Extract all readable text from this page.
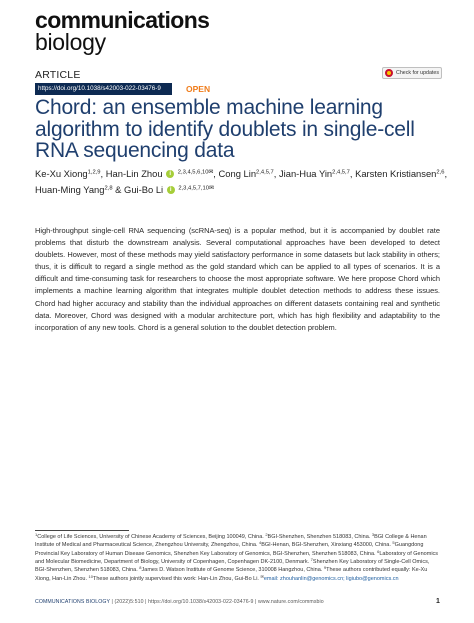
communications
biology
ARTICLE	Check for updates
https://doi.org/10.1038/s42003-022-03476-9	OPEN
Chord: an ensemble machine learning algorithm to identify doublets in single-cell RNA sequencing data
Ke-Xu Xiong$^{1,2,9}$, Han-Lin Zhou i	$^{2,3,4,5,6,10✉}$, Cong Lin$^{2,4,5,7}$, Jian-Hua Yin$^{2,4,5,7}$, Karsten Kristiansen$^{2,6}$,
Huan-Ming Yang$^{2,8}$ & Gui-Bo Li i	$^{2,3,4,5,7,10✉}$

High-throughput single-cell RNA sequencing (scRNA-seq) is a popular method, but it is accompanied by doublet rate problems that disturb the downstream analysis. Several computational approaches have been developed to detect doublets. However, most of these methods may yield satisfactory performance in some datasets but lack stability in others; thus, it is difficult to regard a single method as the gold standard which can be applied to all types of scenarios. It is a difficult and time-consuming task for researchers to choose the most appropriate software. We here propose Chord which implements a machine learning algorithm that integrates multiple doublet detection methods to address these issues. Chord had higher accuracy and stability than the individual approaches on different datasets containing real and synthetic data. Moreover, Chord was designed with a modular architecture port, which has high flexibility and adaptability to the incorporation of any new tools. Chord is a general solution to the doublet detection problem.

$^1$College of Life Sciences, University of Chinese Academy of Sciences, Beijing 100049, China. $^2$BGI-Shenzhen, Shenzhen 518083, China. $^3$BGI College & Henan Institute of Medical and Pharmaceutical Science, Zhengzhou University, Zhengzhou, China. $^4$BGI-Henan, BGI-Shenzhen, Xinxiang 453000, China. $^5$Guangdong Provincial Key Laboratory of Human Disease Genomics, Shenzhen Key Laboratory of Genomics, BGI-Shenzhen, Shenzhen 518083, China. $^6$Laboratory of Genomics and Molecular Biomedicine, Department of Biology, University of Copenhagen, Copenhagen DK-2100, Denmark. $^7$Shenzhen Key Laboratory of Single-Cell Omics, BGI-Shenzhen, Shenzhen 518083, China. $^8$James D. Watson Institute of Genome Science, 310008 Hangzhou, China. $^9$These authors contributed equally: Ke-Xu Xiong, Han-Lin Zhou. $^{10}$These authors jointly supervised this work: Han-Lin Zhou, Gui-Bo Li. ✉email: zhouhanlin@genomics.cn; ligiubo@genomics.cn
COMMUNICATIONS BIOLOGY | (2022)5:510 | https://doi.org/10.1038/s42003-022-03476-9 | www.nature.com/commsbio	1
